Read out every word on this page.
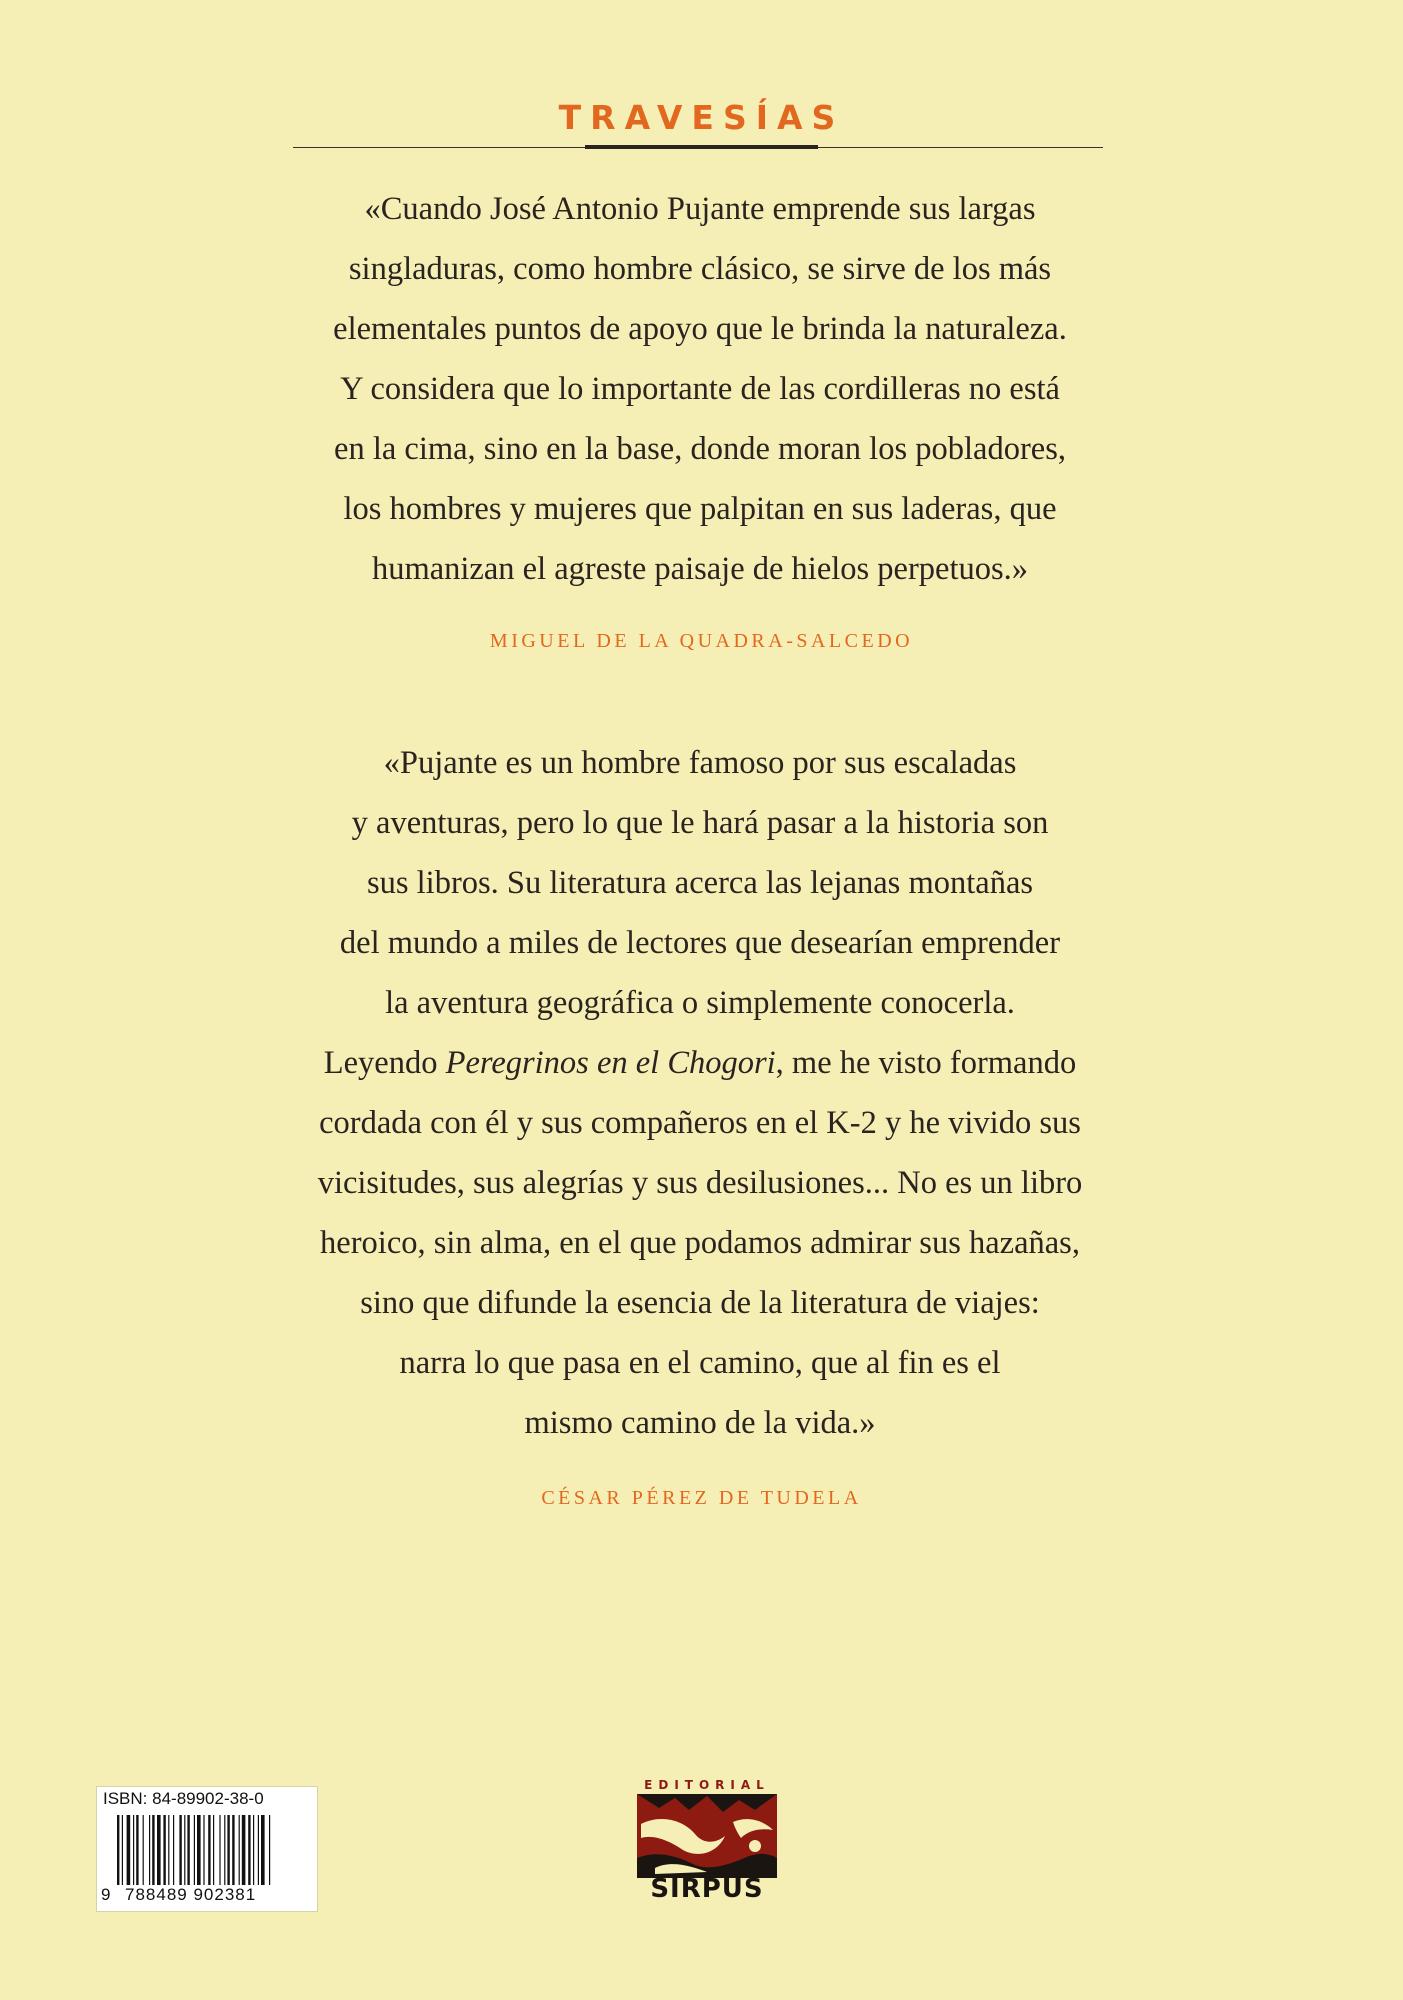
TRAVESÍAS

«Cuando José Antonio Pujante emprende sus largas

singladuras, como hombre clásico, se sirve de los más

elementales puntos de apoyo que le brinda la naturaleza.

Y considera que lo importante de las cordilleras no está

en la cima, sino en la base, donde moran los pobladores,

los hombres y mujeres que palpitan en sus laderas, que

humanizan el agreste paisaje de hielos perpetuos.»

MIGUEL DE LA QUADRA-SALCEDO

«Pujante es un hombre famoso por sus escaladas

y aventuras, pero lo que le hará pasar a la historia son

sus libros. Su literatura acerca las lejanas montañas

del mundo a miles de lectores que desearían emprender

la aventura geográfica o simplemente conocerla.

Leyendo Peregrinos en el Chogori, me he visto formando

cordada con él y sus compañeros en el K-2 y he vivido sus

vicisitudes, sus alegrías y sus desilusiones... No es un libro

heroico, sin alma, en el que podamos admirar sus hazañas,

sino que difunde la esencia de la literatura de viajes:

narra lo que pasa en el camino, que al fin es el

mismo camino de la vida.»

CÉSAR PÉREZ DE TUDELA
ISBN: 84-89902-38-0
9 788489 902381
EDITORIAL
SIRPUS
